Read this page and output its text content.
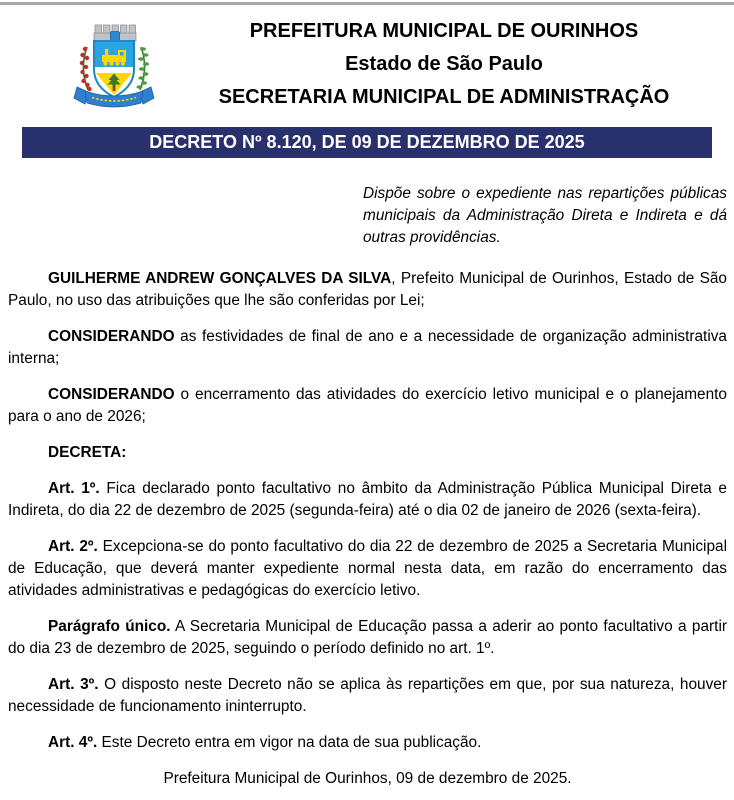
PREFEITURA MUNICIPAL DE OURINHOS
Estado de São Paulo
SECRETARIA MUNICIPAL DE ADMINISTRAÇÃO
DECRETO Nº 8.120, DE 09 DE DEZEMBRO DE 2025
Dispõe sobre o expediente nas repartições públicas municipais da Administração Direta e Indireta e dá outras providências.

GUILHERME ANDREW GONÇALVES DA SILVA, Prefeito Municipal de Ourinhos, Estado de São Paulo, no uso das atribuições que lhe são conferidas por Lei;

CONSIDERANDO as festividades de final de ano e a necessidade de organização administrativa interna;

CONSIDERANDO o encerramento das atividades do exercício letivo municipal e o planejamento para o ano de 2026;

DECRETA:

Art. 1º. Fica declarado ponto facultativo no âmbito da Administração Pública Municipal Direta e Indireta, do dia 22 de dezembro de 2025 (segunda-feira) até o dia 02 de janeiro de 2026 (sexta-feira).

Art. 2º. Excepciona-se do ponto facultativo do dia 22 de dezembro de 2025 a Secretaria Municipal de Educação, que deverá manter expediente normal nesta data, em razão do encerramento das atividades administrativas e pedagógicas do exercício letivo.

Parágrafo único. A Secretaria Municipal de Educação passa a aderir ao ponto facultativo a partir do dia 23 de dezembro de 2025, seguindo o período definido no art. 1º.

Art. 3º. O disposto neste Decreto não se aplica às repartições em que, por sua natureza, houver necessidade de funcionamento ininterrupto.

Art. 4º. Este Decreto entra em vigor na data de sua publicação.

Prefeitura Municipal de Ourinhos, 09 de dezembro de 2025.
